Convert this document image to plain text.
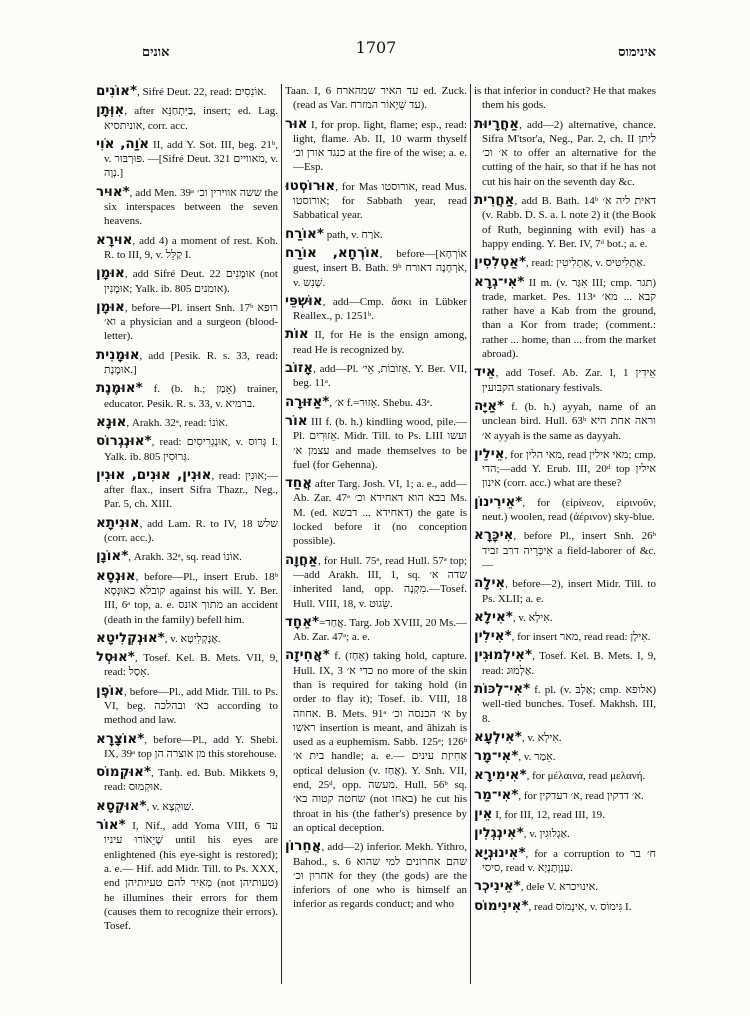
אונים	1707	אינימוס

*אוֹנִים, Sifré Deut. 22, read: אוֹנִסִים.

אִוְּתָן, after בַּיִּתְחַנֵּא, insert; ed. Lag. אוניתסיא, corr. acc.

אֹוַה, אֹוִי II, add Y. Sot. III, beg. 21ᵇ, v. פּוּרְבּוּר. —[Sifré Deut. 321 מאוויים, v. נְוָה.]

*אוּיר, add Men. 39ᵃ ששה אווירין וכ׳ the six interspaces between the seven heavens.

אוּירָא, add 4) a moment of rest. Koh. R. to III, 9, v. קַלֵּל I.

אוּמָן, add Sifré Deut. 22 אוּמָנִים (not אוּמָנִין; Yalk. ib. 805 אומנים).

אוּמָן, before—Pl. insert Snh. 17ᵇ רופא וא׳ a physician and a surgeon (blood-letter).

אוּמָנִית, add [Pesik. R. s. 33, read: אוּמֶנֶת.]

*אוּמֶנֶת f. (b. h.; אָמַן) trainer, educator. Pesik. R. s. 33, v. ברמיא.

אוּנָא, Arakh. 32ᵃ, read: אוֹנוֹ.

*אוּנְגְרוֹס, read: אוּנְגְרִיסִים, v. גְּרוּס I. Yalk. ib. 805 גְּרוּסִין.

אוּנִין, אוּנִים, אוּנִין, read: אוּנִין;—after flax., insert Sifra Thazr., Neg., Par. 5, ch. XIII.

אוּנִיתָא, add Lam. R. to IV, 18 שלש (corr. acc.).

*אוֹנָן, Arakh. 32ᵃ, sq. read אוֹנוֹ.

אוּנְסָא, before—Pl., insert Erub. 18ᵇ קובלא כאוּנְסָא against his will. Y. Ber. III, 6ᵃ top, a. e. מתוך אונס an accident (death in the family) befell him.

*אוּנְקְלִיטָא, v. אֶנְקְלִיטָא.

*אוּסְל, Tosef. Kel. B. Mets. VII, 9, read: אָסַל.

אוֹפֶן, before—Pl., add Midr. Till. to Ps. VI, beg. כא׳ ובהלכה according to method and law.

*אוֹצָרָא, before—Pl., add Y. Shebi. IX, 39ᵃ top מן אוצרה הן this storehouse.

*אוּקְמוֹס, Tanḥ. ed. Bub. Mikkets 9, read: אוּקְמוּס.

*אוּקְסָא, v. שׁוּקְצָא.

*אוֹר I, Nif., add Yoma VIII, 6 עד שֶׁיֵאוֹרוּ עיניו until his eyes are enlightened (his eye-sight is restored); a. e.— Hif. add Midr. Till. to Ps. XXX, end מְאִיר להם טעיותיהן (not טעותיהן) he illumines their errors for them (causes them to recognize their errors). Tosef.

Taan. I, 6 עד האיר שמהארח ed. Zuck. (read as Var. עד שֵׁיָאוֹר המזרח).

אוּר I, for prop. light, flame; esp., read: light, flame. Ab. II, 10 warm thyself כנגד אורן וכ׳ at the fire of the wise; a. e.—Esp.

אוּרוֹסְטוּ, for Mas אורוסטו, read Mus. אורוסטו; for Sabbath year, read Sabbatical year.

*אוֹרַח path, v. אֹרַח.

אוֹרְחָא, אוֹרַח, before—[אוֹרְחָא guest, insert B. Bath. 9ᵇ אֹרְחָנָה דאורח, v. שְׁנִש.

אוּשְׁפֵּי, add—Cmp. ἄσκι in Lübker Reallex., p. 1251ᵇ.

אוֹת II, for He is the ensign among, read He is recognized by.

אָזוֹב, add—Pl. אֵזוֹבוֹת, אֵי׳. Y. Ber. VII, beg. 11ᵃ.

*אַזּוּרָה, א׳ f.=אֵזוּר. Shebu. 43ᵃ.

אוֹר III f. (b. h.) kindling wood, pile.—Pl. אֵזוּרִים. Midr. Till. to Ps. LIII ועשו עצמן א׳ and made themselves to be fuel (for Gehenna).

אֲחַד after Targ. Josh. VI, 1; a. e., add—Ab. Zar. 47ᵃ בבא הוא דאחידא וכ׳ Ms. M. (ed. דאחידא ... דבשא) the gate is locked before it (no conception possible).

אַחֲוָה, for Hull. 75ᵃ, read Hull. 57ᵃ top;—add Arakh. III, 1, sq. שדה א׳ inherited land, opp. מִקְנָה.—Tosef. Hull. VIII, 18, v. שֵׂגוּט.

*אֵחָד=אֲחַד. Targ. Job XVIII, 20 Ms.—Ab. Zar. 47ᵃ; a. e.

*אֲחִיזָה f. (אָחַז) taking hold, capture. Hull. IX, 3 כדי א׳ no more of the skin than is required for taking hold (in order to flay it); Tosef. ib. VIII, 18 אחוזה. B. Mets. 91ᵃ א׳ הכנסה וכ׳ by ראשו insertion is meant, and âhizah is used as a euphemism. Sabb. 125ᵃ; 126ᵇ בית א׳ handle; a. e.— אַחִיזַת עינים optical delusion (v. אֲחַז). Y. Snh. VII, end, 25ᵈ, opp. מעשה. Hull. 56ᵇ sq. שחטה קטוה בא׳ (not באחו) he cut his throat in his (the father's) presence by an optical deception.

אֲחֵרוֹן, add—2) inferior. Mekh. Yithro, Bahod., s. 6 שהם אחרונים למי שהוא אחרון וכ׳ for they (the gods) are the inferiors of one who is himself an inferior as regards conduct; and who

is that inferior in conduct? He that makes them his gods.

אַחֲרָיוּת, add—2) alternative, chance. Sifra M'tsor'a, Neg., Par. 2, ch. II ליתן א׳ וכ׳ to offer an alternative for the cutting of the hair, so that if he has not cut his hair on the seventh day &c.

אַחֲרִית, add B. Bath. 14ᵇ דאית ליה א׳ (v. Rabb. D. S. a. l. note 2) it (the Book of Ruth, beginning with evil) has a happy ending. Y. Ber. IV, 7ᵈ bot.; a. e.

*אַטְלִסִין, read: אַתְלִיטִין, v. אַתְלִיטִיס.

*אִי־גְרָא II m. (v. אִגַּר III; cmp. תגר) trade, market. Pes. 113ᵃ קבא ... מא׳ rather have a Kab from the ground, than a Kor from trade; (comment.: rather ... home, than ... from the market abroad).

אֵיד, add Tosef. Ab. Zar. I, 1 אֵידִין הקבועין stationary festivals.

*אַיָּה f. (b. h.) ayyah, name of an unclean bird. Hull. 63ᵇ וראה אחת היא א׳ ayyah is the same as dayyah.

אֵילֵין, for מאי הלין, read מאי אילין; cmp. הדי;—add Y. Erub. III, 20ᵈ top אילין אינון (corr. acc.) what are these?

*אֵירִינוֹן, for (εἰρίνεον, εἰρινοῦν, neut.) woolen, read (ἀέρινον) sky-blue.

אִיכָּרָא, before Pl., insert Snh. 26ᵇ אִיכְּרֵיה דרב זביד a field-laborer of &c.—

אִילָה, before—2), insert Midr. Till. to Ps. XLII; a. e.

*אִילָא, v. אִילְא.

*אִילִין, for insert מאר, read read: אִילָן.

*אִילְמוּגִין, Tosef. Kel. B. Mets. I, 9, read: אַלְמוּג.

*אִי־לְכּוֹת f. pl. (v. אַלְבּ; cmp. אלופא) well-tied bunches. Tosef. Makhsh. III, 8.

*אִילְעָא, v. אִילְא.

*אִי־מָר, v. אֵמַר.

*אִימִירָא, for μέλαινα, read μελανή.

*אִי־מַר, for א׳ דעדקין, read א׳ דדקין.

אֵין I, for III, 12, read III, 19.

*אִינְגְלִין, v. אַגְלוּגִין.

*אִינוּנְיָא, for a corruption to ח׳ בר סיסי, read v. עַנְוְתָנְיָא.

*אֵינִיכְר, dele V. אינויכרא.

*אִינִימוֹס, read אִינְמוֹס, v. גִּימוֹס I.
